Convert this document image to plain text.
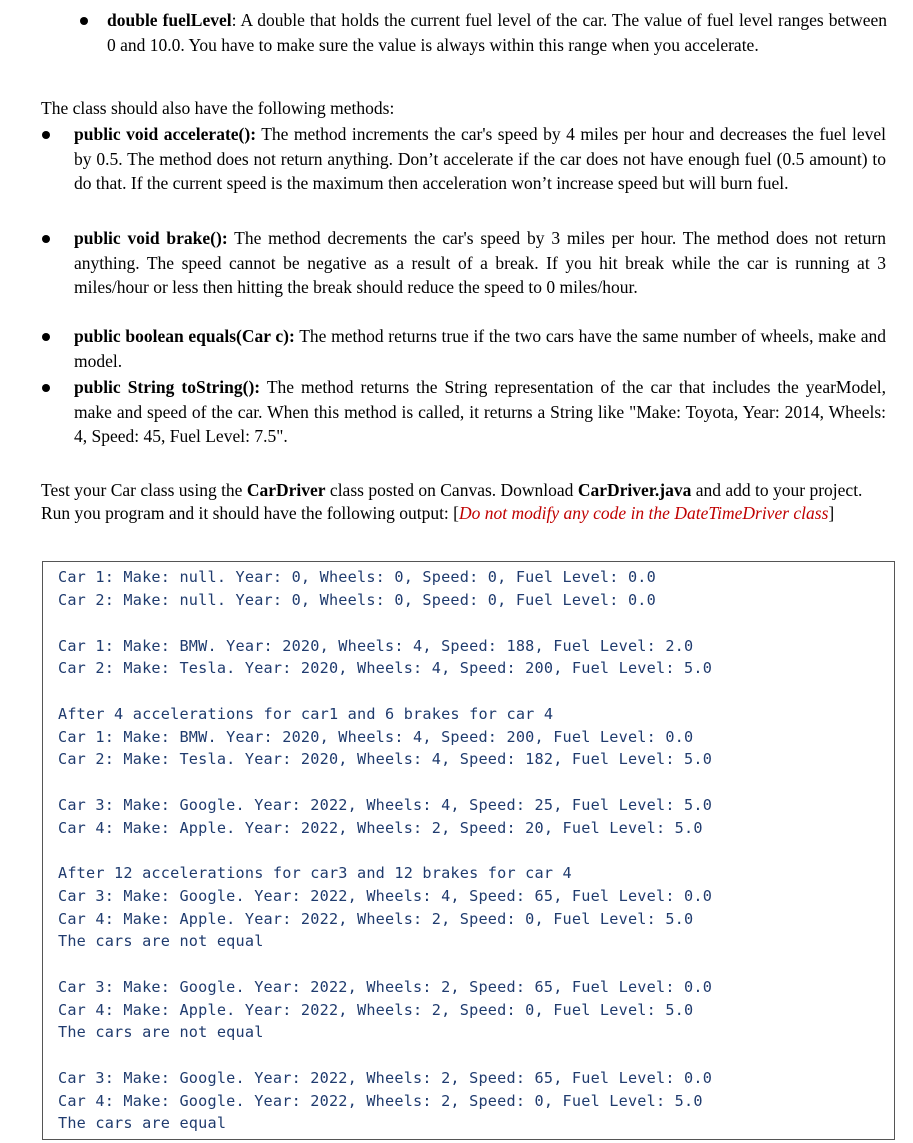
double fuelLevel: A double that holds the current fuel level of the car. The value of fuel level ranges between 0 and 10.0. You have to make sure the value is always within this range when you accelerate.
The class should also have the following methods:
public void accelerate(): The method increments the car's speed by 4 miles per hour and decreases the fuel level by 0.5. The method does not return anything. Don’t accelerate if the car does not have enough fuel (0.5 amount) to do that. If the current speed is the maximum then acceleration won’t increase speed but will burn fuel.
public void brake(): The method decrements the car's speed by 3 miles per hour. The method does not return anything. The speed cannot be negative as a result of a break. If you hit break while the car is running at 3 miles/hour or less then hitting the break should reduce the speed to 0 miles/hour.
public boolean equals(Car c): The method returns true if the two cars have the same number of wheels, make and model.
public String toString(): The method returns the String representation of the car that includes the yearModel, make and speed of the car. When this method is called, it returns a String like "Make: Toyota, Year: 2014, Wheels: 4, Speed: 45, Fuel Level: 7.5".
Test your Car class using the CarDriver class posted on Canvas. Download CarDriver.java and add to your project. Run you program and it should have the following output: [Do not modify any code in the DateTimeDriver class]
Car 1: Make: null. Year: 0, Wheels: 0, Speed: 0, Fuel Level: 0.0
Car 2: Make: null. Year: 0, Wheels: 0, Speed: 0, Fuel Level: 0.0
Car 1: Make: BMW. Year: 2020, Wheels: 4, Speed: 188, Fuel Level: 2.0
Car 2: Make: Tesla. Year: 2020, Wheels: 4, Speed: 200, Fuel Level: 5.0
After 4 accelerations for car1 and 6 brakes for car 4
Car 1: Make: BMW. Year: 2020, Wheels: 4, Speed: 200, Fuel Level: 0.0
Car 2: Make: Tesla. Year: 2020, Wheels: 4, Speed: 182, Fuel Level: 5.0
Car 3: Make: Google. Year: 2022, Wheels: 4, Speed: 25, Fuel Level: 5.0
Car 4: Make: Apple. Year: 2022, Wheels: 2, Speed: 20, Fuel Level: 5.0
After 12 accelerations for car3 and 12 brakes for car 4
Car 3: Make: Google. Year: 2022, Wheels: 4, Speed: 65, Fuel Level: 0.0
Car 4: Make: Apple. Year: 2022, Wheels: 2, Speed: 0, Fuel Level: 5.0
The cars are not equal
Car 3: Make: Google. Year: 2022, Wheels: 2, Speed: 65, Fuel Level: 0.0
Car 4: Make: Apple. Year: 2022, Wheels: 2, Speed: 0, Fuel Level: 5.0
The cars are not equal
Car 3: Make: Google. Year: 2022, Wheels: 2, Speed: 65, Fuel Level: 0.0
Car 4: Make: Google. Year: 2022, Wheels: 2, Speed: 0, Fuel Level: 5.0
The cars are equal
